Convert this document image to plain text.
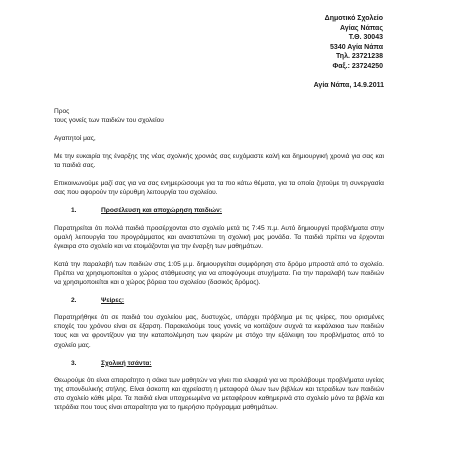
Δημοτικό Σχολείο
Αγίας Νάπας
Τ.Θ. 30043
5340 Αγία Νάπα
Τηλ. 23721238
Φαξ.: 23724250
Αγία Νάπα, 14.9.2011
Προς
τους γονείς των παιδιών του σχολείου

Αγαπητοί μας,

Με την ευκαιρία της έναρξης της νέας σχολικής χρονιάς σας ευχόμαστε καλή και δημιουργική χρονιά για σας και τα παιδιά σας.

Επικοινωνούμε μαζί σας για να σας ενημερώσουμε για τα πιο κάτω θέματα, για τα οποία ζητούμε τη συνεργασία σας που αφορούν την εύρυθμη λειτουργία του σχολείου.

1.	Προσέλευση και αποχώρηση παιδιών:

Παρατηρείται ότι πολλά παιδιά προσέρχονται στο σχολείο μετά τις 7:45 π.μ. Αυτό δημιουργεί προβλήματα στην ομαλή λειτουργία του προγράμματος και αναστατώνει τη σχολική μας μονάδα. Τα παιδιά πρέπει να έρχονται έγκαιρα στο σχολείο και να ετοιμάζονται για την έναρξη των μαθημάτων.

Κατά την παραλαβή των παιδιών στις 1:05 μ.μ. δημιουργείται συμφόρηση στο δρόμο μπροστά από το σχολείο. Πρέπει να χρησιμοποιείται ο χώρος στάθμευσης για να αποφύγουμε ατυχήματα. Για την παραλαβή των παιδιών να χρησιμοποιείται και ο χώρος βόρεια του σχολείου (δασικός δρόμος).

2.	Ψείρες:

Παρατηρήθηκε ότι σε παιδιά του σχολείου μας, δυστυχώς, υπάρχει πρόβλημα με τις ψείρες, που ορισμένες εποχές του χρόνου είναι σε έξαρση. Παρακαλούμε τους γονείς να κοιτάζουν συχνά τα κεφάλακια των παιδιών τους και να φροντίζουν για την καταπολέμηση των ψειρών με στόχο την εξάλειψη του προβλήματος από το σχολείο μας.

3.	Σχολική τσάντα:

Θεωρούμε ότι είναι απαραίτητο η σάκα των μαθητών να γίνει πιο ελαφριά για να προλάβουμε προβλήματα υγείας της σπονδυλικής στήλης. Είναι άσκοπη και αχρείαστη η μεταφορά όλων των βιβλίων και τετραδίων των παιδιών στο σχολείο κάθε μέρα. Τα παιδιά είναι υποχρεωμένα να μεταφέρουν καθημερινά στο σχολείο μόνο τα βιβλία και τετράδια που τους είναι απαραίτητα για το ημερήσιο πρόγραμμα μαθημάτων.
